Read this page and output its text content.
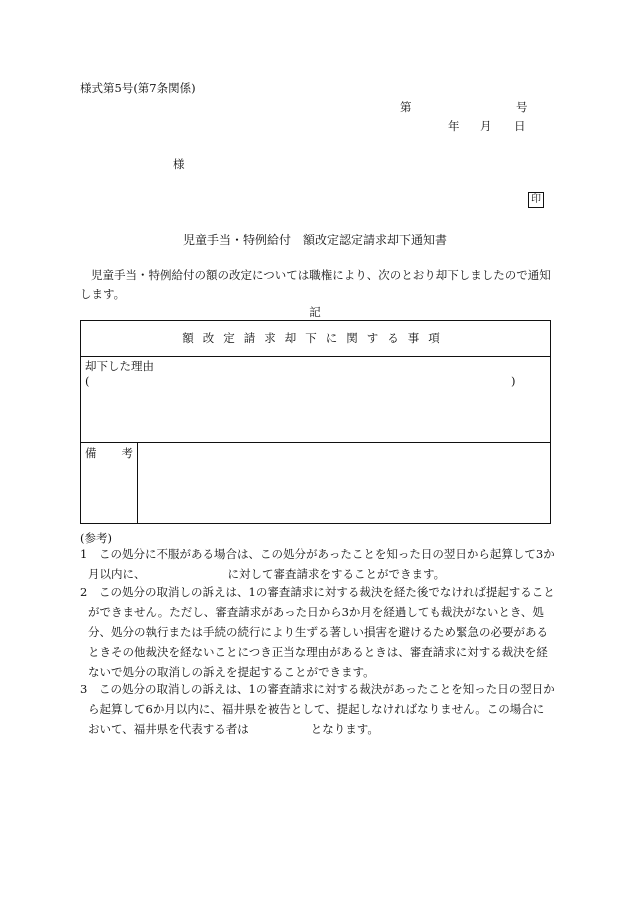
様式第5号(第7条関係)
第	号
年 月 日
様
印
児童手当・特例給付　額改定認定請求却下通知書
児童手当・特例給付の額の改定については職権により、次のとおり却下しましたので通知します。
記
額改定請求却下に関する事項
却下した理由
(	)
備 考
(参考)
1	この処分に不服がある場合は、この処分があったことを知った日の翌日から起算して3か月以内に、	に対して審査請求をすることができます。
2	この処分の取消しの訴えは、1の審査請求に対する裁決を経た後でなければ提起することができません。ただし、審査請求があった日から3か月を経過しても裁決がないとき、処分、処分の執行または手続の続行により生ずる著しい損害を避けるため緊急の必要があるときその他裁決を経ないことにつき正当な理由があるときは、審査請求に対する裁決を経ないで処分の取消しの訴えを提起することができます。
3	この処分の取消しの訴えは、1の審査請求に対する裁決があったことを知った日の翌日から起算して6か月以内に、福井県を被告として、提起しなければなりません。この場合において、福井県を代表する者は	となります。
